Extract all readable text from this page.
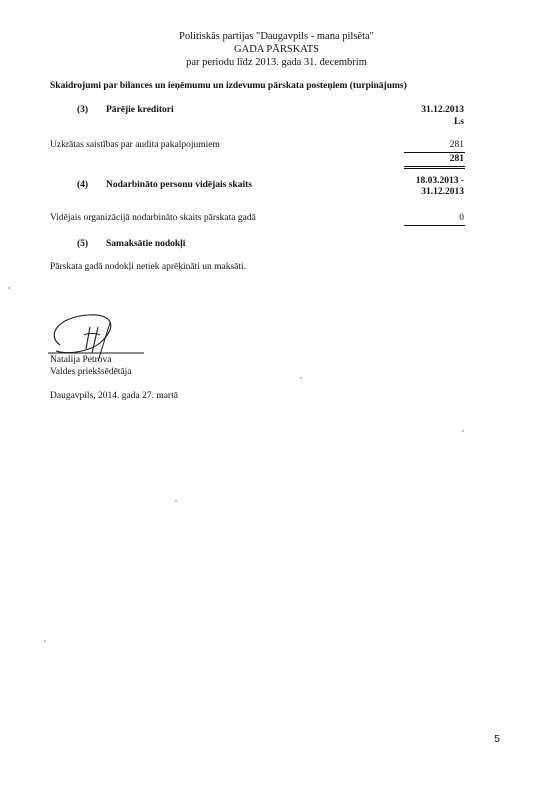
Politiskās partijas "Daugavpils - mana pilsēta"
GADA PĀRSKATS
par periodu līdz 2013. gada 31. decembrim
Skaidrojumi par bilances un ieņēmumu un izdevumu pārskata posteņiem (turpinājums)
(3) Pārējie kreditori	31.12.2013
Ls
Uzkrātas saistības par audita pakalpojumiem	281
281
(4) Nodarbināto personu vidējais skaits	18.03.2013 -
31.12.2013
Vidējais organizācijā nodarbināto skaits pārskata gadā	0
(5) Samaksātie nodokļi
Pārskata gadā nodokļi netiek aprēķināti un maksāti.
Natalija Petrova
Valdes priekšsēdētāja
Daugavpils, 2014. gada 27. martā
5
